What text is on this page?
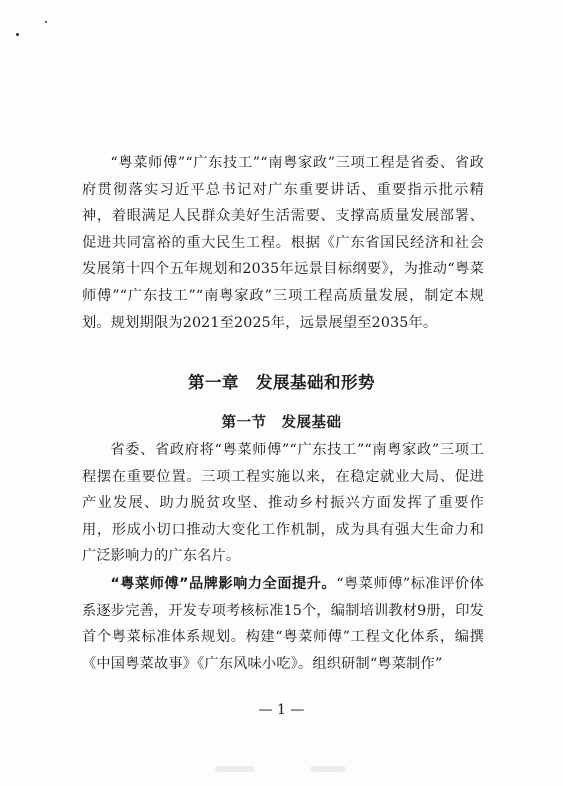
“粤菜师傅”“广东技工”“南粤家政”三项工程是省委、省政府贯彻落实习近平总书记对广东重要讲话、重要指示批示精神，着眼满足人民群众美好生活需要、支撑高质量发展部署、促进共同富裕的重大民生工程。根据《广东省国民经济和社会发展第十四个五年规划和2035年远景目标纲要》，为推动“粤菜师傅”“广东技工”“南粤家政”三项工程高质量发展，制定本规划。规划期限为2021至2025年，远景展望至2035年。

第一章　发展基础和形势
第一节　发展基础

省委、省政府将“粤菜师傅”“广东技工”“南粤家政”三项工程摆在重要位置。三项工程实施以来，在稳定就业大局、促进产业发展、助力脱贫攻坚、推动乡村振兴方面发挥了重要作用，形成小切口推动大变化工作机制，成为具有强大生命力和广泛影响力的广东名片。

“粤菜师傅”品牌影响力全面提升。“粤菜师傅”标准评价体系逐步完善，开发专项考核标准15个，编制培训教材9册，印发首个粤菜标准体系规划。构建“粤菜师傅”工程文化体系，编撰《中国粤菜故事》《广东风味小吃》。组织研制“粤菜制作”

— 1 —
